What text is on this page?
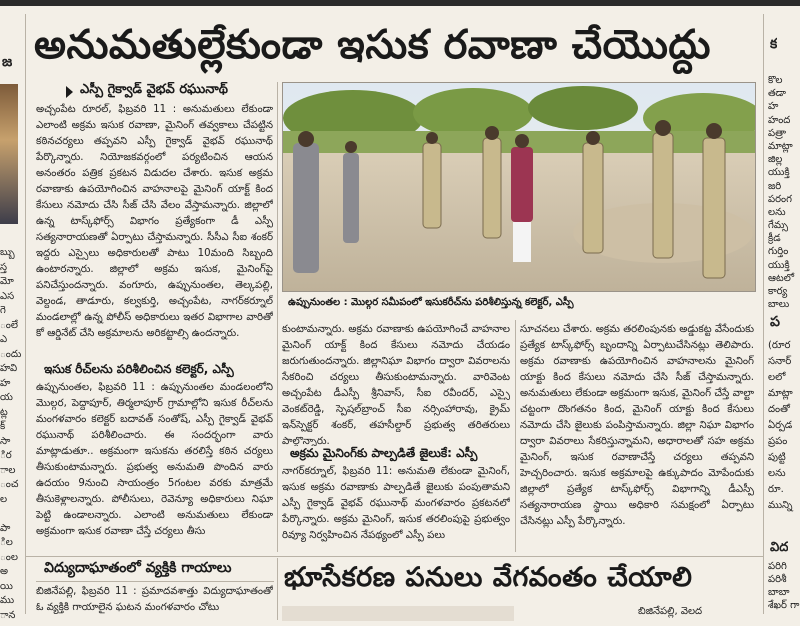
జ
బ్బు
స్త
మో
ఎస
గె
ంలే
ఎ
ందు
హవి
హ
య
ట్ల
క్
సా
ిర
ాల
ంచ
ల
పా
ిల
ంల
అ
యి
ము
ాన
అనుమతుల్లేకుండా ఇసుక రవాణా చేయొద్దు
ఎస్పీ గైక్వాడ్ వైభవ్ రఘునాథ్
అచ్చంపేట రూరల్, ఫిబ్రవరి 11 : అనుమతులు లేకుండా ఎలాంటి అక్రమ ఇసుక రవాణా, మైనింగ్ తవ్వకాలు చేపట్టిన కఠినచర్యలు తప్పవని ఎస్పీ గైక్వాడ్ వైభవ్ రఘునాథ్ పేర్కొన్నారు. నియోజకవర్గంలో పర్యటించిన ఆయన అనంతరం పత్రిక ప్రకటన విడుదల చేశారు. ఇసుక అక్రమ రవాణాకు ఉపయోగించిన వాహనాలపై మైనింగ్ యాక్ట్ కింద కేసులు నమోదు చేసి సీజ్ చేసి వేలం వేస్తామన్నారు. జిల్లాలో ఉన్న టాస్క్‌ఫోర్స్ విభాగం ప్రత్యేకంగా డీ ఎస్పీ సత్యనారాయణతో ఏర్పాటు చేస్తామన్నారు. సీసీఎ సీఐ శంకర్ ఇద్దరు ఎస్సైలు అధికారులతో పాటు 10మంది సిబ్బంది ఉంటారన్నారు. జిల్లాలో అక్రమ ఇసుక, మైనింగ్‌పై పనిచేస్తుందన్నారు. వంగూరు, ఉప్పునుంతల, తెల్కపల్లి, వెల్దండ, తాడూరు, కల్వకుర్తి, అచ్చంపేట, నాగర్‌కర్నూల్ మండలాల్లో ఉన్న పోలీస్ అధికారులు ఇతర విభాగాల వారితో కో ఆర్డినేట్ చేసి అక్రమాలను అరికట్టాల్సి ఉందన్నారు.
ఇసుక రీచ్‌లను పరిశీలించిన కలెక్టర్, ఎస్పీ
ఉప్పునుంతల, ఫిబ్రవరి 11 : ఉప్పునుంతల మండలంలోని మొల్గర, పెద్దాపూర్, తిర్మలాపూర్ గ్రామాల్లోని ఇసుక రీచ్‌లను మంగళవారం కలెక్టర్ బదావత్ సంతోష్, ఎస్పీ గైక్వాడ్ వైభవ్ రఘునాథ్ పరిశీలించారు. ఈ సందర్భంగా వారు మాట్లాడుతూ.. అక్రమంగా ఇసుకను తరలిస్తే కఠిన చర్యలు తీసుకుంటామన్నారు. ప్రభుత్వ అనుమతి పొందిన వారు ఉదయం 9నుంచి సాయంత్రం 5గంటల వరకు మాత్రమే తీసుకెళ్లాలన్నారు. పోలీసులు, రెవెన్యూ అధికారులు నిఘా పెట్టి ఉండాలన్నారు. ఎలాంటి అనుమతులు లేకుండా అక్రమంగా ఇసుక రవాణా చేస్తే చర్యలు తీసు
ఉప్పునుంతల : మొల్గర సమీపంలో ఇసుకరీచ్‌ను పరిశీలిస్తున్న కలెక్టర్, ఎస్పీ
కుంటామన్నారు. అక్రమ రవాణాకు ఉపయోగించే వాహనాల మైనింగ్ యాక్ట్ కింద కేసులు నమోదు చేయడం జరుగుతుందన్నారు. జిల్లానిఘా విభాగం ద్వారా వివరాలను సేకరించి చర్యలు తీసుకుంటామన్నారు. వారివెంట అచ్చంపేట డీఎస్పీ శ్రీనివాస్, సీఐ రవీందర్, ఎస్సై వెంకట్‌రెడ్డి, స్పెషల్‌బ్రాంచ్ సీఐ నర్సింహారావు, క్రైమ్ ఇన్‌స్పెక్టర్ శంకర్, తహసీల్దార్ ప్రభుత్వ తరితరులు పాల్గొన్నారు.
అక్రమ మైనింగ్‌కు పాల్పడితే జైలుకే: ఎస్పీ
నాగర్‌కర్నూల్, ఫిబ్రవరి 11: అనుమతి లేకుండా మైనింగ్, ఇసుక అక్రమ రవాణాకు పాల్పడితే జైలుకు పంపుతామని ఎస్పీ గైక్వాడ్ వైభవ్ రఘునాథ్ మంగళవారం ప్రకటనలో పేర్కొన్నారు. అక్రమ మైనింగ్, ఇసుక తరలింపుపై ప్రభుత్వం రివ్యూ నిర్వహించిన నేపథ్యంలో ఎస్పీ పలు
సూచనలు చేశారు. అక్రమ తరలింపునకు అడ్డుకట్ట వేసేందుకు ప్రత్యేక టాస్క్‌ఫోర్స్ బృందాన్ని ఏర్పాటుచేసినట్లు తెలిపారు. అక్రమ రవాణాకు ఉపయోగించిన వాహనాలను మైనింగ్ యాక్టు కింద కేసులు నమోదు చేసి సీజ్ చేస్తామన్నారు. అనుమతులు లేకుండా అక్రమంగా ఇసుక, మైనింగ్ చేస్తే వాల్టా చట్టంగా దొంగతనం కింద, మైనింగ్ యాక్టు కింద కేసులు నమోదు చేసి జైలుకు పంపిస్తామన్నారు. జిల్లా నిఘా విభాగం ద్వారా వివరాలు సేకరిస్తున్నామని, అధారాలతో సహ అక్రమ మైనింగ్, ఇసుక రవాణాచేస్తే చర్యలు తప్పవని హెచ్చరించారు. ఇసుక అక్రమాలపై ఉక్కుపాదం మోపేందుకు జిల్లాలో ప్రత్యేక టాస్క్‌ఫోర్స్ విభాగాన్ని డీఎస్పీ సత్యనారాయణ స్థాయి అధికారి సమక్షంలో ఏర్పాటు చేసినట్లు ఎస్పీ పేర్కొన్నారు.
క
కొల
తడా
హ
హంద
పత్రా
మాట్లా
జిల్ల
యుక్తి
జరి
పరంగ
లను
గేమ్స
క్రీడ
గుర్తిం
యుక్తి
ఆటలో
కార్య
బాలు
ప
(రూర
సనార్
లలో
మాట్లా
దంతో
ఏర్పడ
ప్రపం
పుట్టి
లను
రూ.
మున్ని
విద
పరిగి
పరిశీ
బాబా
శేఖర్ గా
విద్యుదాఘాతంలో వ్యక్తికి గాయాలు
బిజినేపల్లి, ఫిబ్రవరి 11 : ప్రమాదవశాత్తు విద్యుదాఘాతంతో ఓ వ్యక్తికి గాయాలైన ఘటన మంగళవారం చోటు
భూసేకరణ పనులు వేగవంతం చేయాలి
బిజినేపల్లి, వెలద
